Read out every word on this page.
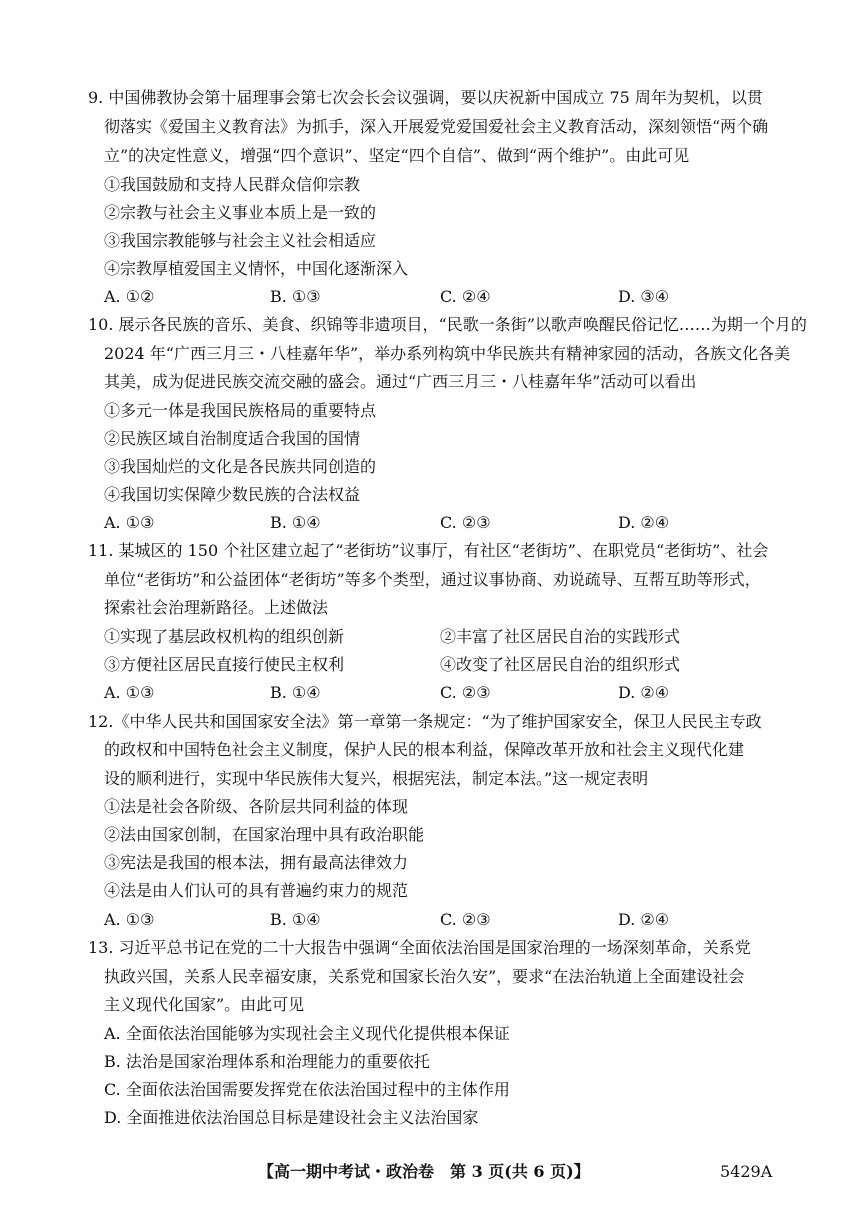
9. 中国佛教协会第十届理事会第七次会长会议强调，要以庆祝新中国成立 75 周年为契机，以贯
彻落实《爱国主义教育法》为抓手，深入开展爱党爱国爱社会主义教育活动，深刻领悟“两个确
立”的决定性意义，增强“四个意识”、坚定“四个自信”、做到“两个维护”。由此可见
①我国鼓励和支持人民群众信仰宗教
②宗教与社会主义事业本质上是一致的
③我国宗教能够与社会主义社会相适应
④宗教厚植爱国主义情怀，中国化逐渐深入
A. ①②	B. ①③	C. ②④	D. ③④
10. 展示各民族的音乐、美食、织锦等非遗项目，“民歌一条街”以歌声唤醒民俗记忆……为期一个月的
2024 年“广西三月三・八桂嘉年华”，举办系列构筑中华民族共有精神家园的活动，各族文化各美
其美，成为促进民族交流交融的盛会。通过“广西三月三・八桂嘉年华”活动可以看出
①多元一体是我国民族格局的重要特点
②民族区域自治制度适合我国的国情
③我国灿烂的文化是各民族共同创造的
④我国切实保障少数民族的合法权益
A. ①③	B. ①④	C. ②③	D. ②④
11. 某城区的 150 个社区建立起了“老街坊”议事厅，有社区“老街坊”、在职党员“老街坊”、社会
单位“老街坊”和公益团体“老街坊”等多个类型，通过议事协商、劝说疏导、互帮互助等形式，
探索社会治理新路径。上述做法
①实现了基层政权机构的组织创新	②丰富了社区居民自治的实践形式
③方便社区居民直接行使民主权利	④改变了社区居民自治的组织形式
A. ①③	B. ①④	C. ②③	D. ②④
12.《中华人民共和国国家安全法》第一章第一条规定：“为了维护国家安全，保卫人民民主专政
的政权和中国特色社会主义制度，保护人民的根本利益，保障改革开放和社会主义现代化建
设的顺利进行，实现中华民族伟大复兴，根据宪法，制定本法。”这一规定表明
①法是社会各阶级、各阶层共同利益的体现
②法由国家创制，在国家治理中具有政治职能
③宪法是我国的根本法，拥有最高法律效力
④法是由人们认可的具有普遍约束力的规范
A. ①③	B. ①④	C. ②③	D. ②④
13. 习近平总书记在党的二十大报告中强调“全面依法治国是国家治理的一场深刻革命，关系党
执政兴国，关系人民幸福安康，关系党和国家长治久安”，要求“在法治轨道上全面建设社会
主义现代化国家”。由此可见
A. 全面依法治国能够为实现社会主义现代化提供根本保证
B. 法治是国家治理体系和治理能力的重要依托
C. 全面依法治国需要发挥党在依法治国过程中的主体作用
D. 全面推进依法治国总目标是建设社会主义法治国家
【高一期中考试・政治卷　第 3 页(共 6 页)】	5429A
